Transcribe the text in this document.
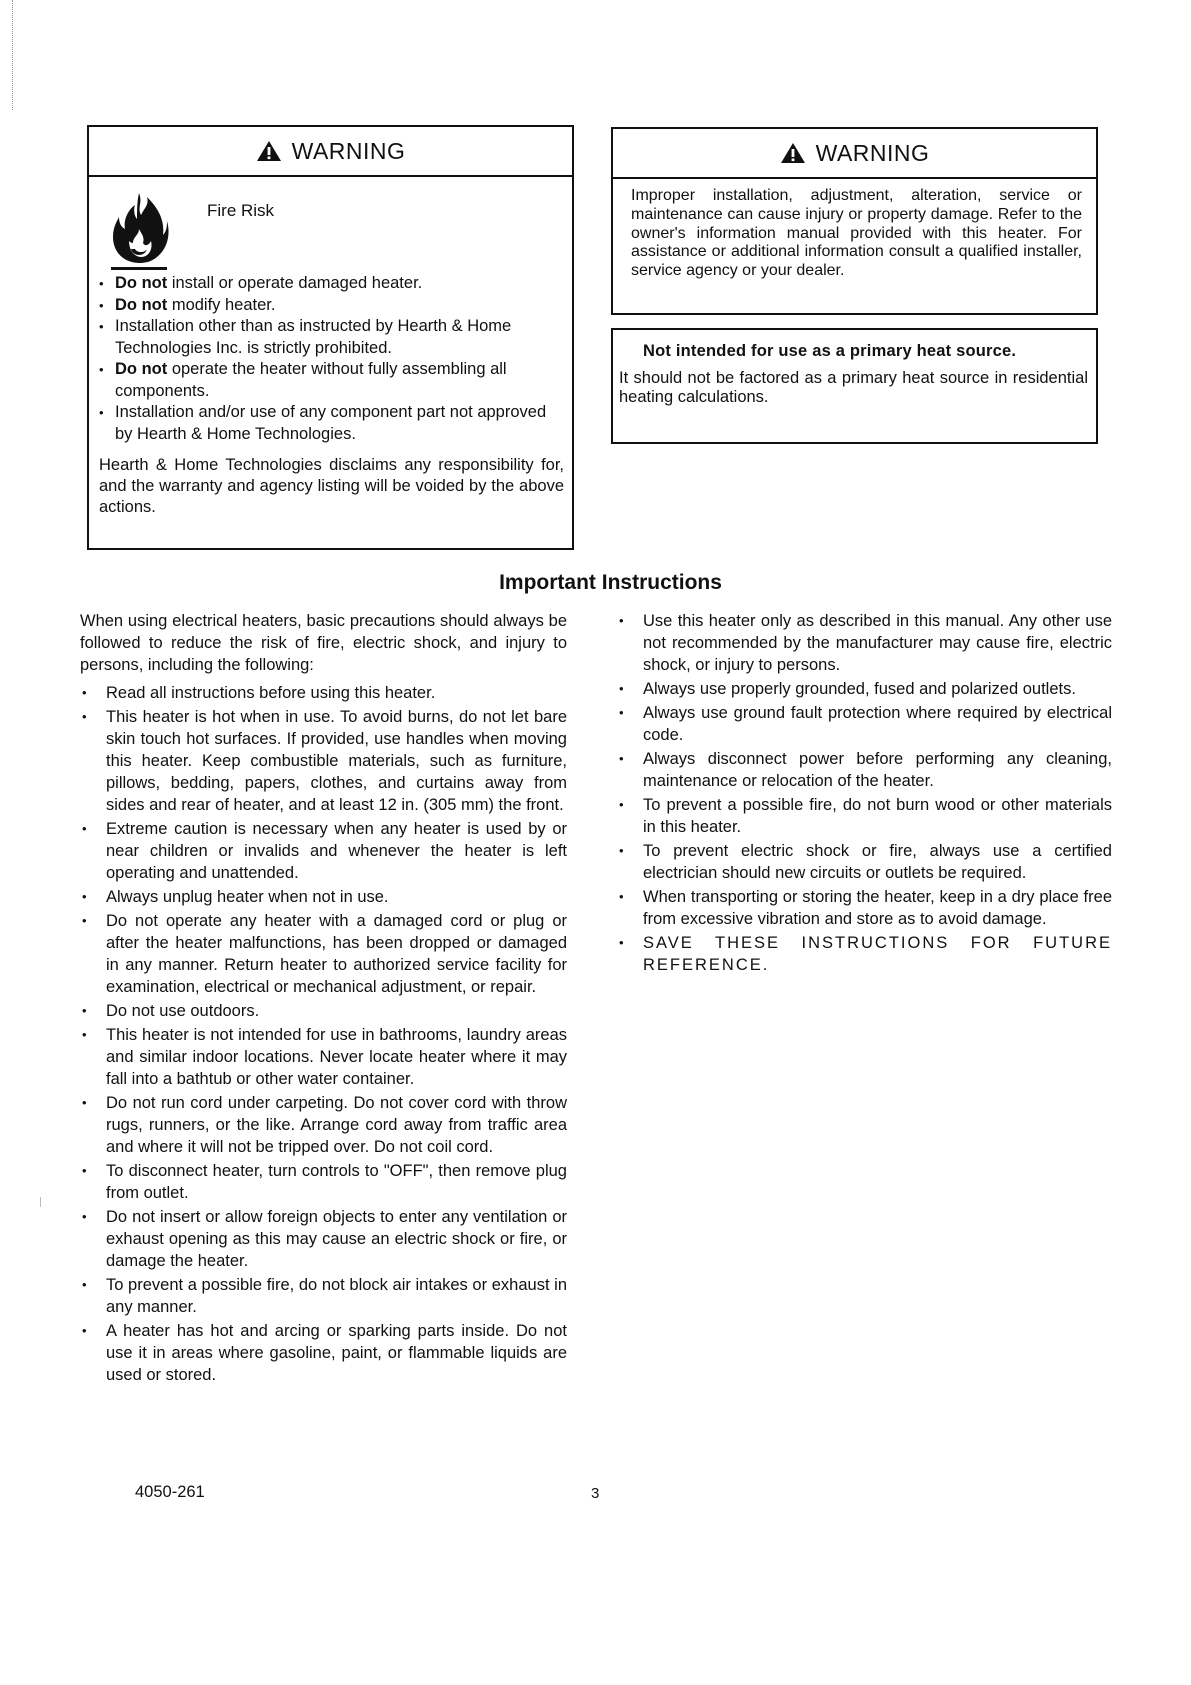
WARNING
Fire Risk
• Do not install or operate damaged heater.
• Do not modify heater.
• Installation other than as instructed by Hearth & Home Technologies Inc. is strictly prohibited.
• Do not operate the heater without fully assembling all components.
• Installation and/or use of any component part not approved by Hearth & Home Technologies.
Hearth & Home Technologies disclaims any responsibility for, and the warranty and agency listing will be voided by the above actions.
WARNING
Improper installation, adjustment, alteration, service or maintenance can cause injury or property damage. Refer to the owner's information manual provided with this heater. For assistance or additional information consult a qualified installer, service agency or your dealer.
Not intended for use as a primary heat source.
It should not be factored as a primary heat source in residential heating calculations.
Important Instructions

When using electrical heaters, basic precautions should always be followed to reduce the risk of fire, electric shock, and injury to persons, including the following:

• Read all instructions before using this heater.
• This heater is hot when in use. To avoid burns, do not let bare skin touch hot surfaces. If provided, use handles when moving this heater. Keep combustible materials, such as furniture, pillows, bedding, papers, clothes, and curtains away from sides and rear of heater, and at least 12 in. (305 mm) the front.
• Extreme caution is necessary when any heater is used by or near children or invalids and whenever the heater is left operating and unattended.
• Always unplug heater when not in use.
• Do not operate any heater with a damaged cord or plug or after the heater malfunctions, has been dropped or damaged in any manner. Return heater to authorized service facility for examination, electrical or mechanical adjustment, or repair.
• Do not use outdoors.
• This heater is not intended for use in bathrooms, laundry areas and similar indoor locations. Never locate heater where it may fall into a bathtub or other water container.
• Do not run cord under carpeting. Do not cover cord with throw rugs, runners, or the like. Arrange cord away from traffic area and where it will not be tripped over. Do not coil cord.
• To disconnect heater, turn controls to "OFF", then remove plug from outlet.
• Do not insert or allow foreign objects to enter any ventilation or exhaust opening as this may cause an electric shock or fire, or damage the heater.
• To prevent a possible fire, do not block air intakes or exhaust in any manner.
• A heater has hot and arcing or sparking parts inside. Do not use it in areas where gasoline, paint, or flammable liquids are used or stored.
• Use this heater only as described in this manual. Any other use not recommended by the manufacturer may cause fire, electric shock, or injury to persons.
• Always use properly grounded, fused and polarized outlets.
• Always use ground fault protection where required by electrical code.
• Always disconnect power before performing any cleaning, maintenance or relocation of the heater.
• To prevent a possible fire, do not burn wood or other materials in this heater.
• To prevent electric shock or fire, always use a certified electrician should new circuits or outlets be required.
• When transporting or storing the heater, keep in a dry place free from excessive vibration and store as to avoid damage.
• SAVE THESE INSTRUCTIONS FOR FUTURE REFERENCE.
4050-261	3
